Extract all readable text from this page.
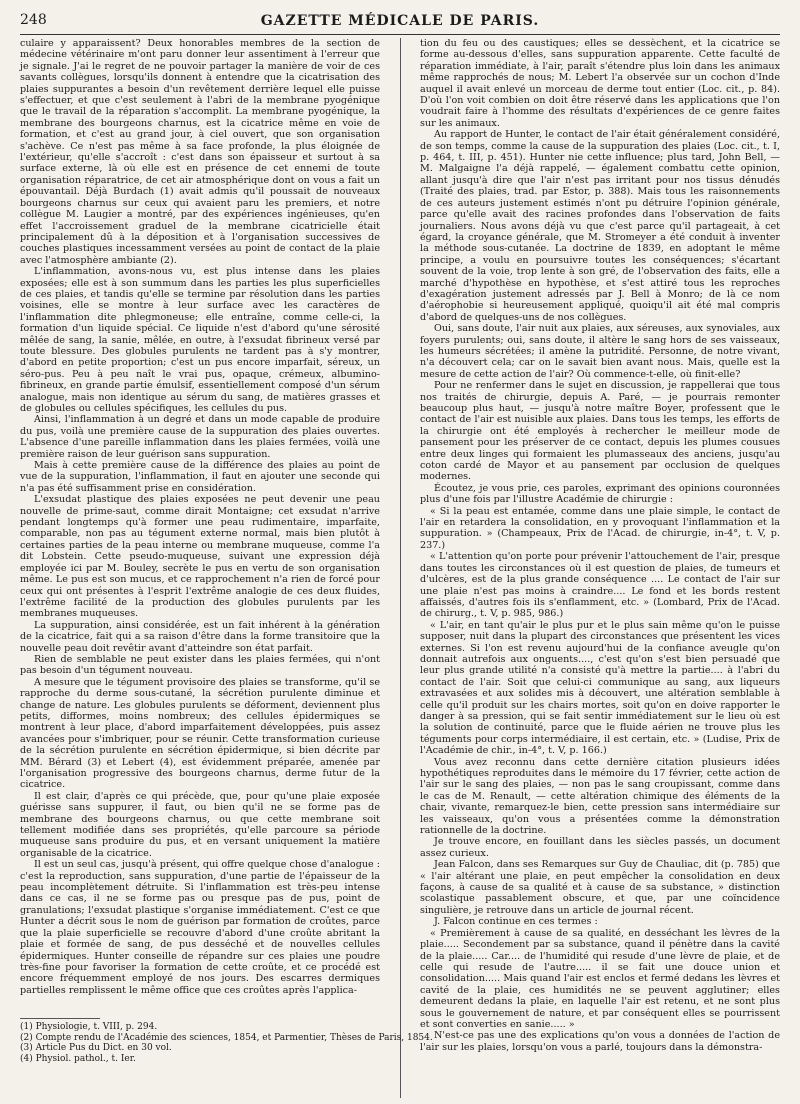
248	GAZETTE MÉDICALE DE PARIS.

culaire y apparaissent? Deux honorables membres de la section de médecine vétérinaire m'ont paru donner leur assentiment à l'erreur que je signale. J'ai le regret de ne pouvoir partager la manière de voir de ces savants collègues, lorsqu'ils donnent à entendre que la cicatrisation des plaies suppurantes a besoin d'un revêtement derrière lequel elle puisse s'effectuer, et que c'est seulement à l'abri de la membrane pyogénique que le travail de la réparation s'accomplit. La membrane pyogénique, la membrane des bourgeons charnus, est la cicatrice même en voie de formation, et c'est au grand jour, à ciel ouvert, que son organisation s'achève. Ce n'est pas même à sa face profonde, la plus éloignée de l'extérieur, qu'elle s'accroît : c'est dans son épaisseur et surtout à sa surface externe, là où elle est en présence de cet ennemi de toute organisation réparatrice, de cet air atmosphérique dont on vous a fait un épouvantail. Déjà Burdach (1) avait admis qu'il poussait de nouveaux bourgeons charnus sur ceux qui avaient paru les premiers, et notre collègue M. Laugier a montré, par des expériences ingénieuses, qu'en effet l'accroissement graduel de la membrane cicatricielle était principalement dû à la déposition et à l'organisation successives de couches plastiques incessamment versées au point de contact de la plaie avec l'atmosphère ambiante (2).

L'inflammation, avons-nous vu, est plus intense dans les plaies exposées; elle est à son summum dans les parties les plus superficielles de ces plaies, et tandis qu'elle se termine par résolution dans les parties voisines, elle se montre à leur surface avec les caractères de l'inflammation dite phlegmoneuse; elle entraîne, comme celle-ci, la formation d'un liquide spécial. Ce liquide n'est d'abord qu'une sérosité mêlée de sang, la sanie, mêlée, en outre, à l'exsudat fibrineux versé par toute blessure. Des globules purulents ne tardent pas à s'y montrer, d'abord en petite proportion; c'est un pus encore imparfait, séreux, un séro-pus. Peu à peu naît le vrai pus, opaque, crémeux, albumino-fibrineux, en grande partie émulsif, essentiellement composé d'un sérum analogue, mais non identique au sérum du sang, de matières grasses et de globules ou cellules spécifiques, les cellules du pus.

Ainsi, l'inflammation à un degré et dans un mode capable de produire du pus, voilà une première cause de la suppuration des plaies ouvertes. L'absence d'une pareille inflammation dans les plaies fermées, voilà une première raison de leur guérison sans suppuration.

Mais à cette première cause de la différence des plaies au point de vue de la suppuration, l'inflammation, il faut en ajouter une seconde qui n'a pas été suffisamment prise en considération.

L'exsudat plastique des plaies exposées ne peut devenir une peau nouvelle de prime-saut, comme dirait Montaigne; cet exsudat n'arrive pendant longtemps qu'à former une peau rudimentaire, imparfaite, comparable, non pas au tégument externe normal, mais bien plutôt à certaines parties de la peau interne ou membrane muqueuse, comme l'a dit Lobstein. Cette pseudo-muqueuse, suivant une expression déjà employée ici par M. Bouley, secrète le pus en vertu de son organisation même. Le pus est son mucus, et ce rapprochement n'a rien de forcé pour ceux qui ont présentes à l'esprit l'extrême analogie de ces deux fluides, l'extrême facilité de la production des globules purulents par les membranes muqueuses.

La suppuration, ainsi considérée, est un fait inhérent à la génération de la cicatrice, fait qui a sa raison d'être dans la forme transitoire que la nouvelle peau doit revêtir avant d'atteindre son état parfait.

Rien de semblable ne peut exister dans les plaies fermées, qui n'ont pas besoin d'un tégument nouveau.

A mesure que le tégument provisoire des plaies se transforme, qu'il se rapproche du derme sous-cutané, la sécrétion purulente diminue et change de nature. Les globules purulents se déforment, deviennent plus petits, difformes, moins nombreux; des cellules épidermiques se montrent à leur place, d'abord imparfaitement développées, puis assez avancées pour s'imbriquer, pour se réunir. Cette transformation curieuse de la sécrétion purulente en sécrétion épidermique, si bien décrite par MM. Bérard (3) et Lebert (4), est évidemment préparée, amenée par l'organisation progressive des bourgeons charnus, derme futur de la cicatrice.

Il est clair, d'après ce qui précède, que, pour qu'une plaie exposée guérisse sans suppurer, il faut, ou bien qu'il ne se forme pas de membrane des bourgeons charnus, ou que cette membrane soit tellement modifiée dans ses propriétés, qu'elle parcoure sa période muqueuse sans produire du pus, et en versant uniquement la matière organisable de la cicatrice.

Il est un seul cas, jusqu'à présent, qui offre quelque chose d'analogue : c'est la reproduction, sans suppuration, d'une partie de l'épaisseur de la peau incomplètement détruite. Si l'inflammation est très-peu intense dans ce cas, il ne se forme pas ou presque pas de pus, point de granulations; l'exsudat plastique s'organise immédiatement. C'est ce que Hunter a décrit sous le nom de guérison par formation de croûtes, parce que la plaie superficielle se recouvre d'abord d'une croûte abritant la plaie et formée de sang, de pus desséché et de nouvelles cellules épidermiques. Hunter conseille de répandre sur ces plaies une poudre très-fine pour favoriser la formation de cette croûte, et ce procédé est encore fréquemment employé de nos jours. Des escarres dermiques partielles remplissent le même office que ces croûtes après l'applica-

tion du feu ou des caustiques; elles se dessèchent, et la cicatrice se forme au-dessous d'elles, sans suppuration apparente. Cette faculté de réparation immédiate, à l'air, paraît s'étendre plus loin dans les animaux même rapprochés de nous; M. Lebert l'a observée sur un cochon d'Inde auquel il avait enlevé un morceau de derme tout entier (Loc. cit., p. 84). D'où l'on voit combien on doit être réservé dans les applications que l'on voudrait faire à l'homme des résultats d'expériences de ce genre faites sur les animaux.

Au rapport de Hunter, le contact de l'air était généralement considéré, de son temps, comme la cause de la suppuration des plaies (Loc. cit., t. I, p. 464, t. III, p. 451). Hunter nie cette influence; plus tard, John Bell, — M. Malgaigne l'a déjà rappelé, — également combattu cette opinion, allant jusqu'à dire que l'air n'est pas irritant pour nos tissus dénudés (Traité des plaies, trad. par Estor, p. 388). Mais tous les raisonnements de ces auteurs justement estimés n'ont pu détruire l'opinion générale, parce qu'elle avait des racines profondes dans l'observation de faits journaliers. Nous avons déjà vu que c'est parce qu'il partageait, à cet égard, la croyance générale, que M. Stromeyer a été conduit à inventer la méthode sous-cutanée. La doctrine de 1839, en adoptant le même principe, a voulu en poursuivre toutes les conséquences; s'écartant souvent de la voie, trop lente à son gré, de l'observation des faits, elle a marché d'hypothèse en hypothèse, et s'est attiré tous les reproches d'exagération justement adressés par J. Bell à Monro; de là ce nom d'aérophobie si heureusement appliqué, quoiqu'il ait été mal compris d'abord de quelques-uns de nos collègues.

Oui, sans doute, l'air nuit aux plaies, aux séreuses, aux synoviales, aux foyers purulents; oui, sans doute, il altère le sang hors de ses vaisseaux, les humeurs sécrétées; il amène la putridité. Personne, de notre vivant, n'a découvert cela; car on le savait bien avant nous. Mais, quelle est la mesure de cette action de l'air? Où commence-t-elle, où finit-elle?

Pour ne renfermer dans le sujet en discussion, je rappellerai que tous nos traités de chirurgie, depuis A. Paré, — je pourrais remonter beaucoup plus haut, — jusqu'à notre maître Boyer, professent que le contact de l'air est nuisible aux plaies. Dans tous les temps, les efforts de la chirurgie ont été employés à rechercher le meilleur mode de pansement pour les préserver de ce contact, depuis les plumes cousues entre deux linges qui formaient les plumasseaux des anciens, jusqu'au coton cardé de Mayor et au pansement par occlusion de quelques modernes.

Écoutez, je vous prie, ces paroles, exprimant des opinions couronnées plus d'une fois par l'illustre Académie de chirurgie :

« Si la peau est entamée, comme dans une plaie simple, le contact de l'air en retardera la consolidation, en y provoquant l'inflammation et la suppuration. » (Champeaux, Prix de l'Acad. de chirurgie, in-4°, t. V, p. 237.)

« L'attention qu'on porte pour prévenir l'attouchement de l'air, presque dans toutes les circonstances où il est question de plaies, de tumeurs et d'ulcères, est de la plus grande conséquence .... Le contact de l'air sur une plaie n'est pas moins à craindre.... Le fond et les bords restent affaissés, d'autres fois ils s'enflamment, etc. » (Lombard, Prix de l'Acad. de chirurg., t. V, p. 985, 986.)

« L'air, en tant qu'air le plus pur et le plus sain même qu'on le puisse supposer, nuit dans la plupart des circonstances que présentent les vices externes. Si l'on est revenu aujourd'hui de la confiance aveugle qu'on donnait autrefois aux onguents...., c'est qu'on s'est bien persuadé que leur plus grande utilité n'a consisté qu'à mettre la partie.... à l'abri du contact de l'air. Soit que celui-ci communique au sang, aux liqueurs extravasées et aux solides mis à découvert, une altération semblable à celle qu'il produit sur les chairs mortes, soit qu'on en doive rapporter le danger à sa pression, qui se fait sentir immédiatement sur le lieu où est la solution de continuité, parce que le fluide aérien ne trouve plus les téguments pour corps intermédiaire, il est certain, etc. » (Ludise, Prix de l'Académie de chir., in-4°, t. V, p. 166.)

Vous avez reconnu dans cette dernière citation plusieurs idées hypothétiques reproduites dans le mémoire du 17 février, cette action de l'air sur le sang des plaies, — non pas le sang croupissant, comme dans le cas de M. Renault, — cette altération chimique des éléments de la chair, vivante, remarquez-le bien, cette pression sans intermédiaire sur les vaisseaux, qu'on vous a présentées comme la démonstration rationnelle de la doctrine.

Je trouve encore, en fouillant dans les siècles passés, un document assez curieux.

Jean Falcon, dans ses Remarques sur Guy de Chauliac, dit (p. 785) que « l'air altérant une plaie, en peut empêcher la consolidation en deux façons, à cause de sa qualité et à cause de sa substance, » distinction scolastique passablement obscure, et que, par une coïncidence singulière, je retrouve dans un article de journal récent.

J. Falcon continue en ces termes :

« Premièrement à cause de sa qualité, en desséchant les lèvres de la plaie..... Secondement par sa substance, quand il pénètre dans la cavité de la plaie..... Car.... de l'humidité qui resude d'une lèvre de plaie, et de celle qui resude de l'autre..... il se fait une douce union et consolidation..... Mais quand l'air est enclos et fermé dedans les lèvres et cavité de la plaie, ces humidités ne se peuvent agglutiner; elles demeurent dedans la plaie, en laquelle l'air est retenu, et ne sont plus sous le gouvernement de nature, et par conséquent elles se pourrissent et sont converties en sanie..... »

N'est-ce pas une des explications qu'on vous a données de l'action de l'air sur les plaies, lorsqu'on vous a parlé, toujours dans la démonstra-

(1) Physiologie, t. VIII, p. 294.
(2) Compte rendu de l'Académie des sciences, 1854, et Parmentier, Thèses de Paris, 1854.
(3) Article Pus du Dict. en 30 vol.
(4) Physiol. pathol., t. Ier.
